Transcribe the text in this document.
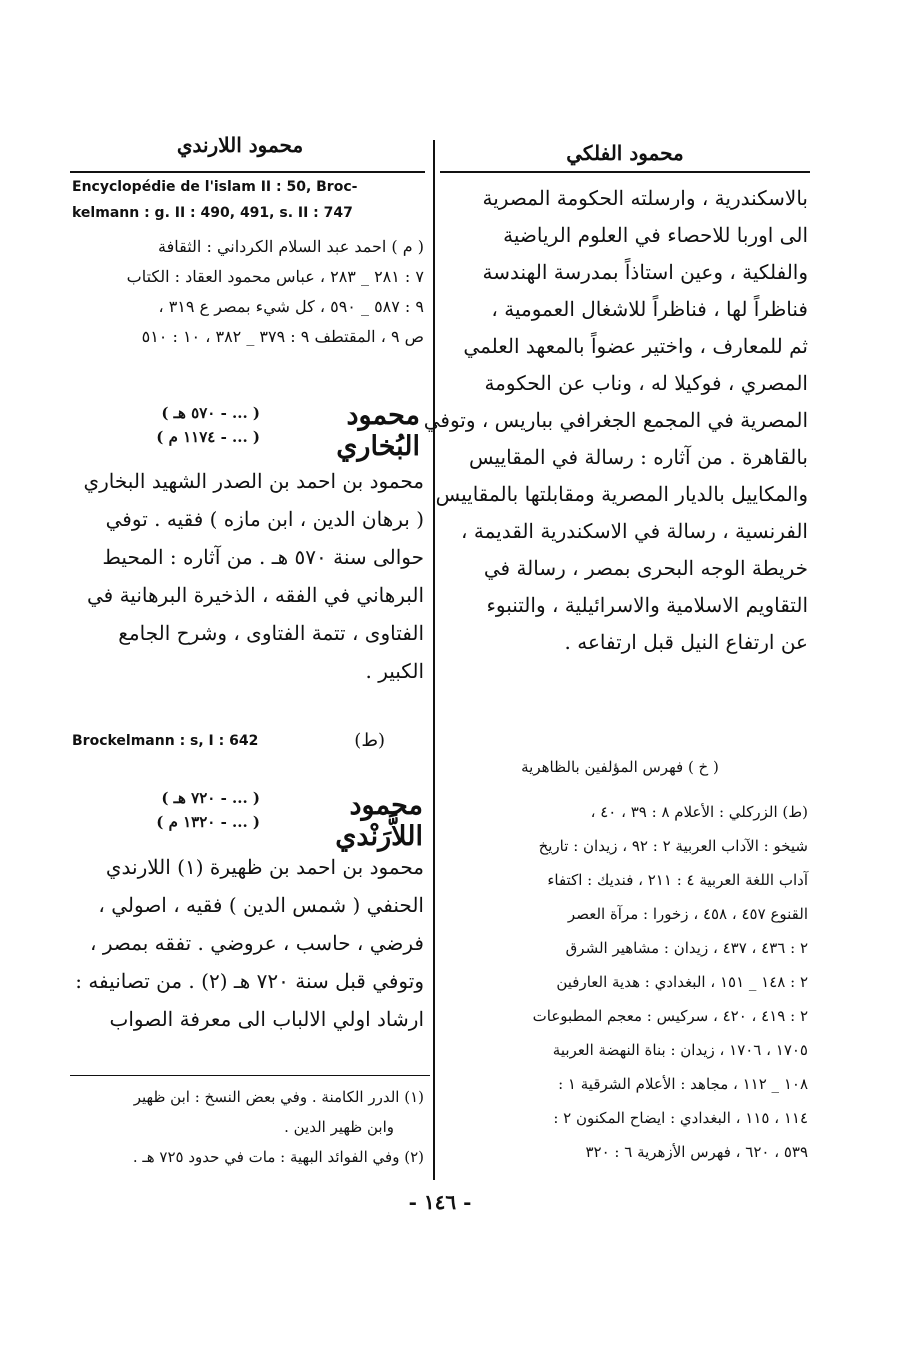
محمود اللارندي	محمود الفلكي
بالاسكندرية ، وارسلته الحكومة المصرية
الى اوربا للاحصاء في العلوم الرياضية
والفلكية ، وعين استاذاً بمدرسة الهندسة
فناظراً لها ، فناظراً للاشغال العمومية ،
ثم للمعارف ، واختير عضواً بالمعهد العلمي
المصري ، فوكيلا له ، وناب عن الحكومة
المصرية في المجمع الجغرافي بباريس ، وتوفي
بالقاهرة . من آثاره : رسالة في المقاييس
والمكاييل بالديار المصرية ومقابلتها بالمقاييس
الفرنسية ، رسالة في الاسكندرية القديمة ،
خريطة الوجه البحرى بمصر ، رسالة في
التقاويم الاسلامية والاسرائيلية ، والتنبوء
عن ارتفاع النيل قبل ارتفاعه .
( خ ) فهرس المؤلفين بالظاهرية
(ط) الزركلي : الأعلام ٨ : ٣٩ ، ٤٠ ،
شيخو : الآداب العربية ٢ : ٩٢ ، زيدان : تاريخ
آداب اللغة العربية ٤ : ٢١١ ، فنديك : اكتفاء
القنوع ٤٥٧ ، ٤٥٨ ، زخورا : مرآة العصر
٢ : ٤٣٦ ، ٤٣٧ ، زيدان : مشاهير الشرق
٢ : ١٤٨ _ ١٥١ ، البغدادي : هدية العارفين
٢ : ٤١٩ ، ٤٢٠ ، سركيس : معجم المطبوعات
١٧٠٥ ، ١٧٠٦ ، زيدان : بناة النهضة العربية
١٠٨ _ ١١٢ ، مجاهد : الأعلام الشرقية ١ :
١١٤ ، ١١٥ ، البغدادي : ايضاح المكنون ٢ :
٥٣٩ ، ٦٢٠ ، فهرس الأزهرية ٦ : ٣٢٠
Encyclopédie de l'islam II : 50, Broc-
kelmann : g. II : 490, 491, s. II : 747
( م ) احمد عبد السلام الكرداني : الثقافة
٧ : ٢٨١ _ ٢٨٣ ، عباس محمود العقاد : الكتاب
٩ : ٥٨٧ _ ٥٩٠ ، كل شيء بمصر ع ٣١٩ ،
ص ٩ ، المقتطف ٩ : ٣٧٩ _ ٣٨٢ ، ١٠ : ٥١٠
محمود البُخاري
( ... - ٥٧٠ هـ )
( ... - ١١٧٤ م )
محمود بن احمد بن الصدر الشهيد البخاري
( برهان الدين ، ابن مازه ) فقيه . توفي
حوالى سنة ٥٧٠ هـ . من آثاره : المحيط
البرهاني في الفقه ، الذخيرة البرهانية في
الفتاوى ، تتمة الفتاوى ، وشرح الجامع
الكبير .
Brockelmann : s, I : 642	(ط)
محمود اللاَّرَنْدي
( ... - ٧٢٠ هـ )
( ... - ١٣٢٠ م )
محمود بن احمد بن ظهيرة (١) اللارندي
الحنفي ( شمس الدين ) فقيه ، اصولي ،
فرضي ، حاسب ، عروضي . تفقه بمصر ،
وتوفي قبل سنة ٧٢٠ هـ (٢) . من تصانيفه :
ارشاد اولي الالباب الى معرفة الصواب
(١) الدرر الكامنة . وفي بعض النسخ : ابن ظهير
وابن ظهير الدين .
(٢) وفي الفوائد البهية : مات في حدود ٧٢٥ هـ .
- ١٤٦ -
